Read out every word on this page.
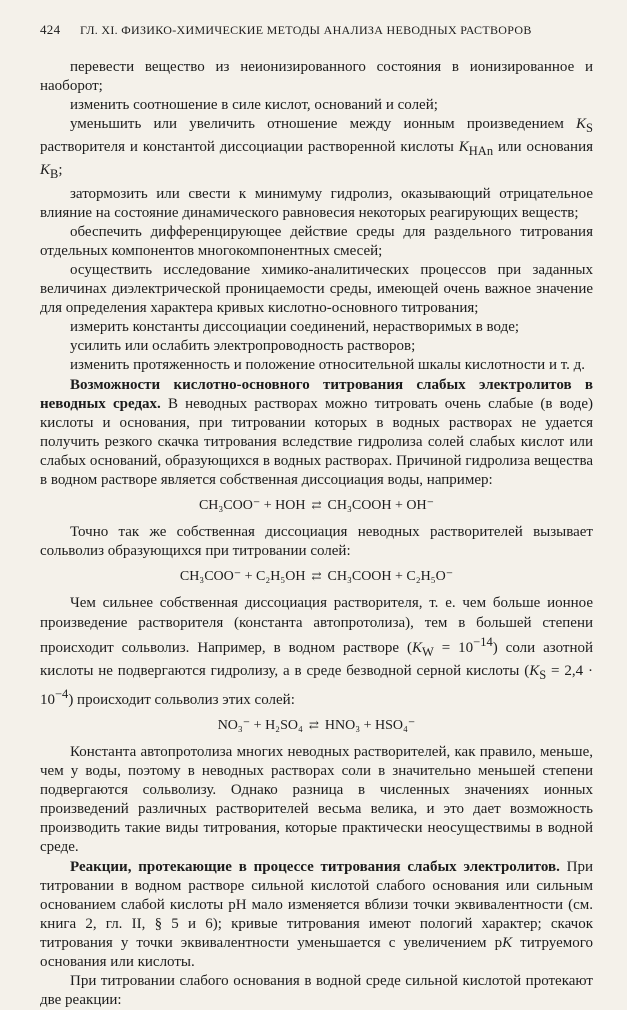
424	ГЛ. XI. ФИЗИКО-ХИМИЧЕСКИЕ МЕТОДЫ АНАЛИЗА НЕВОДНЫХ РАСТВОРОВ

перевести вещество из неионизированного состояния в ионизированное и наоборот;

изменить соотношение в силе кислот, оснований и солей;

уменьшить или увеличить отношение между ионным произведением $K_S$ растворителя и константой диссоциации растворенной кислоты $K_{HAn}$ или основания $K_B$;

затормозить или свести к минимуму гидролиз, оказывающий отрицательное влияние на состояние динамического равновесия некоторых реагирующих веществ;

обеспечить дифференцирующее действие среды для раздельного титрования отдельных компонентов многокомпонентных смесей;

осуществить исследование химико-аналитических процессов при заданных величинах диэлектрической проницаемости среды, имеющей очень важное значение для определения характера кривых кислотно-основного титрования;

измерить константы диссоциации соединений, нерастворимых в воде;

усилить или ослабить электропроводность растворов;

изменить протяженность и положение относительной шкалы кислотности и т. д.

Возможности кислотно-основного титрования слабых электролитов в неводных средах. В неводных растворах можно титровать очень слабые (в воде) кислоты и основания, при титровании которых в водных растворах не удается получить резкого скачка титрования вследствие гидролиза солей слабых кислот или слабых оснований, образующихся в водных растворах. Причиной гидролиза вещества в водном растворе является собственная диссоциация воды, например:

CH₃COO⁻ + HOH ⇄ CH₃COOH + OH⁻

Точно так же собственная диссоциация неводных растворителей вызывает сольволиз образующихся при титровании солей:

CH₃COO⁻ + C₂H₅OH ⇄ CH₃COOH + C₂H₅O⁻

Чем сильнее собственная диссоциация растворителя, т. е. чем больше ионное произведение растворителя (константа автопротолиза), тем в большей степени происходит сольволиз. Например, в водном растворе $(K_W = 10^{-14})$ соли азотной кислоты не подвергаются гидролизу, а в среде безводной серной кислоты $(K_S = 2,4 \cdot 10^{-4})$ происходит сольволиз этих солей:

NO₃⁻ + H₂SO₄ ⇄ HNO₃ + HSO₄⁻

Константа автопротолиза многих неводных растворителей, как правило, меньше, чем у воды, поэтому в неводных растворах соли в значительно меньшей степени подвергаются сольволизу. Однако разница в численных значениях ионных произведений различных растворителей весьма велика, и это дает возможность производить такие виды титрования, которые практически неосуществимы в водной среде.

Реакции, протекающие в процессе титрования слабых электролитов. При титровании в водном растворе сильной кислотой слабого основания или сильным основанием слабой кислоты pH мало изменяется вблизи точки эквивалентности (см. книга 2, гл. II, § 5 и 6); кривые титрования имеют пологий характер; скачок титрования у точки эквивалентности уменьшается с увеличением pK титруемого основания или кислоты.

При титровании слабого основания в водной среде сильной кислотой протекают две реакции:
